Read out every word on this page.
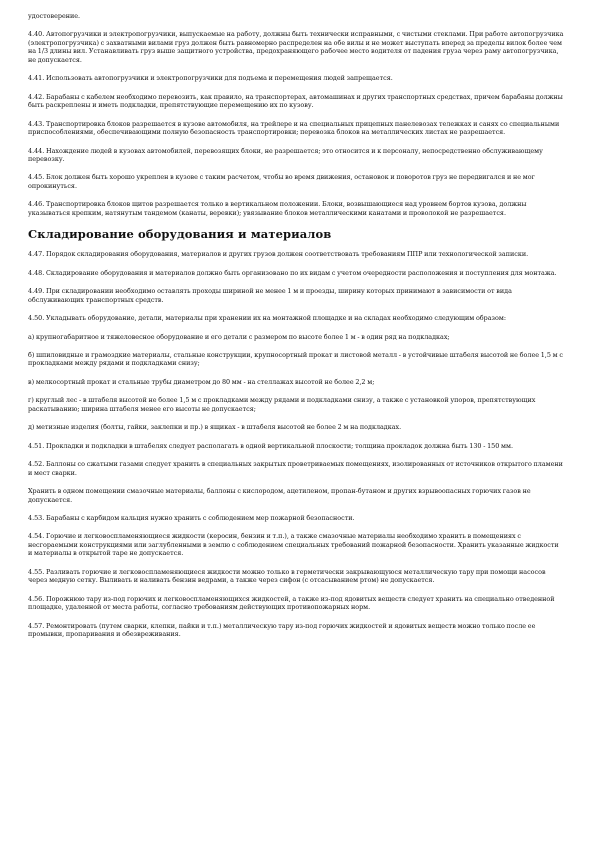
удостоверение.

4.40. Автопогрузчики и электропогрузчики, выпускаемые на работу, должны быть технически исправными, с чистыми стеклами. При работе автопогрузчика (электропогрузчика) с захватными вилами груз должен быть равномерно распределен на обе вилы и не может выступать вперед за пределы вилок более чем на 1/3 длины вил. Устанавливать груз выше защитного устройства, предохраняющего рабочее место водителя от падения груза через раму автопогрузчика, не допускается.

4.41. Использовать автопогрузчики и электропогрузчики для подъема и перемещения людей запрещается.

4.42. Барабаны с кабелем необходимо перевозить, как правило, на транспортерах, автомашинах и других транспортных средствах, причем барабаны должны быть раскреплены и иметь подкладки, препятствующие перемещению их по кузову.

4.43. Транспортировка блоков разрешается в кузове автомобиля, на трейлере и на специальных прицепных панелевозах тележках и санях со специальными приспособлениями, обеспечивающими полную безопасность транспортировки; перевозка блоков на металлических листах не разрешается.

4.44. Нахождение людей в кузовах автомобилей, перевозящих блоки, не разрешается; это относится и к персоналу, непосредственно обслуживающему перевозку.

4.45. Блок должен быть хорошо укреплен в кузове с таким расчетом, чтобы во время движения, остановок и поворотов груз не передвигался и не мог опрокинуться.

4.46. Транспортировка блоков щитов разрешается только в вертикальном положении. Блоки, возвышающиеся над уровнем бортов кузова, должны указываться крепким, натянутым тандемом (канаты, веревки); увязывание блоков металлическими канатами и проволокой не разрешается.

Складирование оборудования и материалов

4.47. Порядок складирования оборудования, материалов и других грузов должен соответствовать требованиям ППР или технологической записки.

4.48. Складирование оборудования и материалов должно быть организовано по их видам с учетом очередности расположения и поступления для монтажа.

4.49. При складировании необходимо оставлять проходы шириной не менее 1 м и проезды, ширину которых принимают в зависимости от вида обслуживающих транспортных средств.

4.50. Укладывать оборудование, детали, материалы при хранении их на монтажной площадке и на складах необходимо следующим образом:

а) крупногабаритное и тяжеловесное оборудование и его детали с размером по высоте более 1 м - в один ряд на подкладках;

б) шпиловидные и грамоздкие материалы, стальные конструкции, крупносортный прокат и листовой металл - в устойчивые штабеля высотой не более 1,5 м с прокладками между рядами и подкладками снизу;

в) мелкосортный прокат и стальные трубы диаметром до 80 мм - на стеллажах высотой не более 2,2 м;

г) круглый лес - в штабеля высотой не более 1,5 м с прокладками между рядами и подкладками снизу, а также с установкой упоров, препятствующих раскатыванию; ширина штабеля менее его высоты не допускается;

д) метизные изделия (болты, гайки, заклепки и пр.) в ящиках - в штабеля высотой не более 2 м на подкладках.

4.51. Прокладки и подкладки в штабелях следует располагать в одной вертикальной плоскости; толщина прокладок должна быть 130 - 150 мм.

4.52. Баллоны со сжатыми газами следует хранить в специальных закрытых проветриваемых помещениях, изолированных от источников открытого пламени и мест сварки.

Хранить в одном помещении смазочные материалы, баллоны с кислородом, ацетиленом, пропан-бутаном и других взрывоопасных горючих газов не допускается.

4.53. Барабаны с карбидом кальция нужно хранить с соблюдением мер пожарной безопасности.

4.54. Горючие и легковоспламеняющиеся жидкости (керосин, бензин и т.п.), а также смазочные материалы необходимо хранить в помещениях с несгораемыми конструкциями или заглубленными в землю с соблюдением специальных требований пожарной безопасности. Хранить указанные жидкости и материалы в открытой таре не допускается.

4.55. Разливать горючие и легковоспламеняющиеся жидкости можно только в герметически закрывающуюся металлическую тару при помощи насосов через медную сетку. Выливать и наливать бензин ведрами, а также через сифон (с отсасыванием ртом) не допускается.

4.56. Порожнюю тару из-под горючих и легковоспламеняющихся жидкостей, а также из-под ядовитых веществ следует хранить на специально отведенной площадке, удаленной от места работы, согласно требованиям действующих противопожарных норм.

4.57. Ремонтировать (путем сварки, клепки, пайки и т.п.) металлическую тару из-под горючих жидкостей и ядовитых веществ можно только после ее промывки, пропаривания и обезвреживания.
